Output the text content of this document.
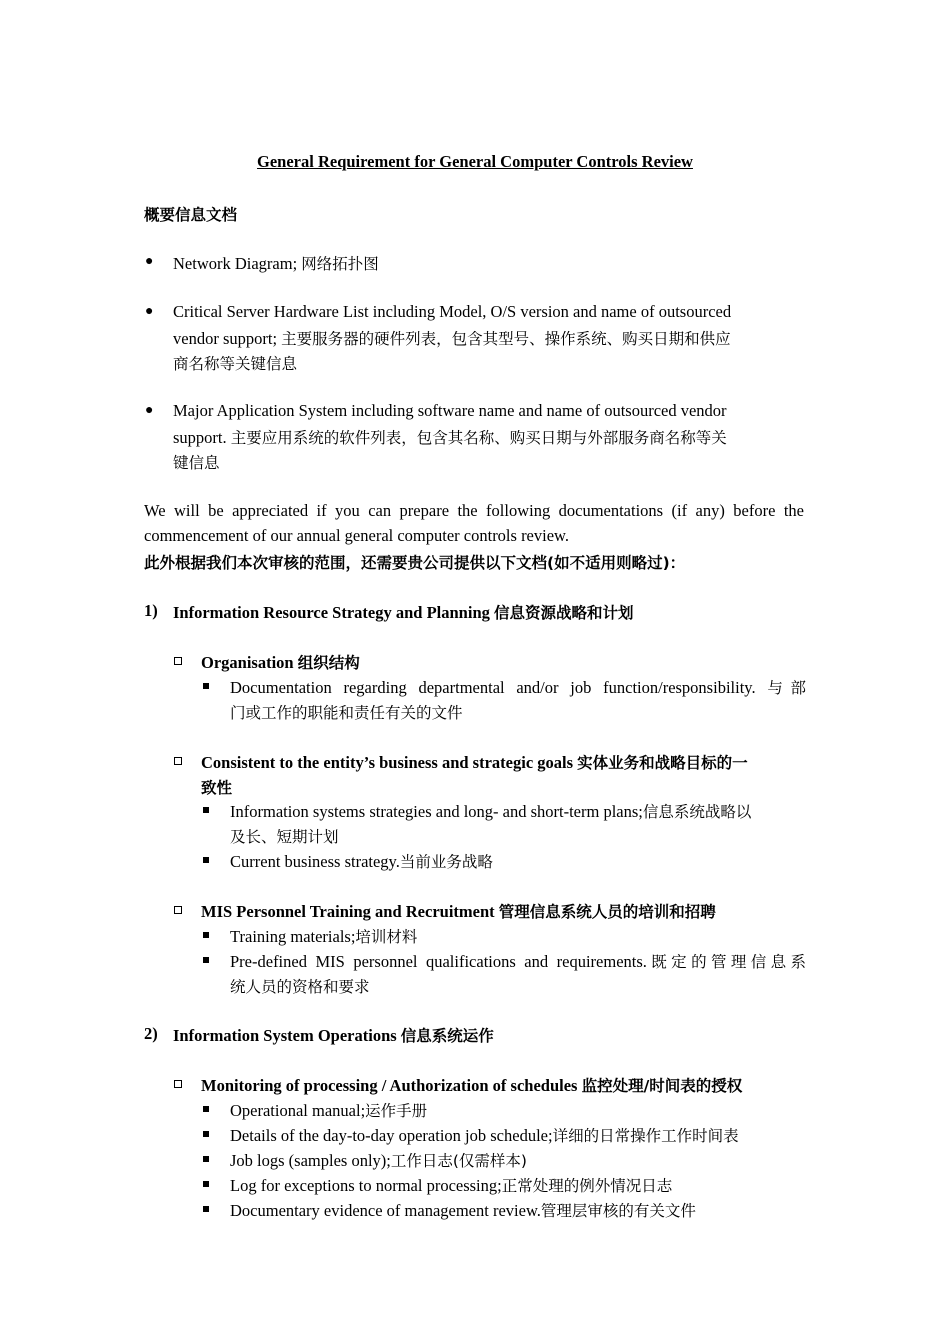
General Requirement for General Computer Controls Review
概要信息文档
● Network Diagram; 网络拓扑图
● Critical Server Hardware List including Model, O/S version and name of outsourced
vendor support; 主要服务器的硬件列表，包含其型号、操作系统、购买日期和供应
商名称等关键信息
● Major Application System including software name and name of outsourced vendor
support. 主要应用系统的软件列表，包含其名称、购买日期与外部服务商名称等关
键信息
We will be appreciated if you can prepare the following documentations (if any) before the
commencement of our annual general computer controls review.
此外根据我们本次审核的范围，还需要贵公司提供以下文档(如不适用则略过)：
1) Information Resource Strategy and Planning 信息资源战略和计划
Organisation 组织结构
Documentation regarding departmental and/or job function/responsibility. 与部
门或工作的职能和责任有关的文件
Consistent to the entity’s business and strategic goals 实体业务和战略目标的一
致性
Information systems strategies and long- and short-term plans;信息系统战略以
及长、短期计划
Current business strategy.当前业务战略
MIS Personnel Training and Recruitment 管理信息系统人员的培训和招聘
Training materials;培训材料
Pre-defined MIS personnel qualifications and requirements.既定的管理信息系
统人员的资格和要求
2) Information System Operations 信息系统运作
Monitoring of processing / Authorization of schedules 监控处理/时间表的授权
Operational manual;运作手册
Details of the day-to-day operation job schedule;详细的日常操作工作时间表
Job logs (samples only);工作日志(仅需样本)
Log for exceptions to normal processing;正常处理的例外情况日志
Documentary evidence of management review.管理层审核的有关文件
